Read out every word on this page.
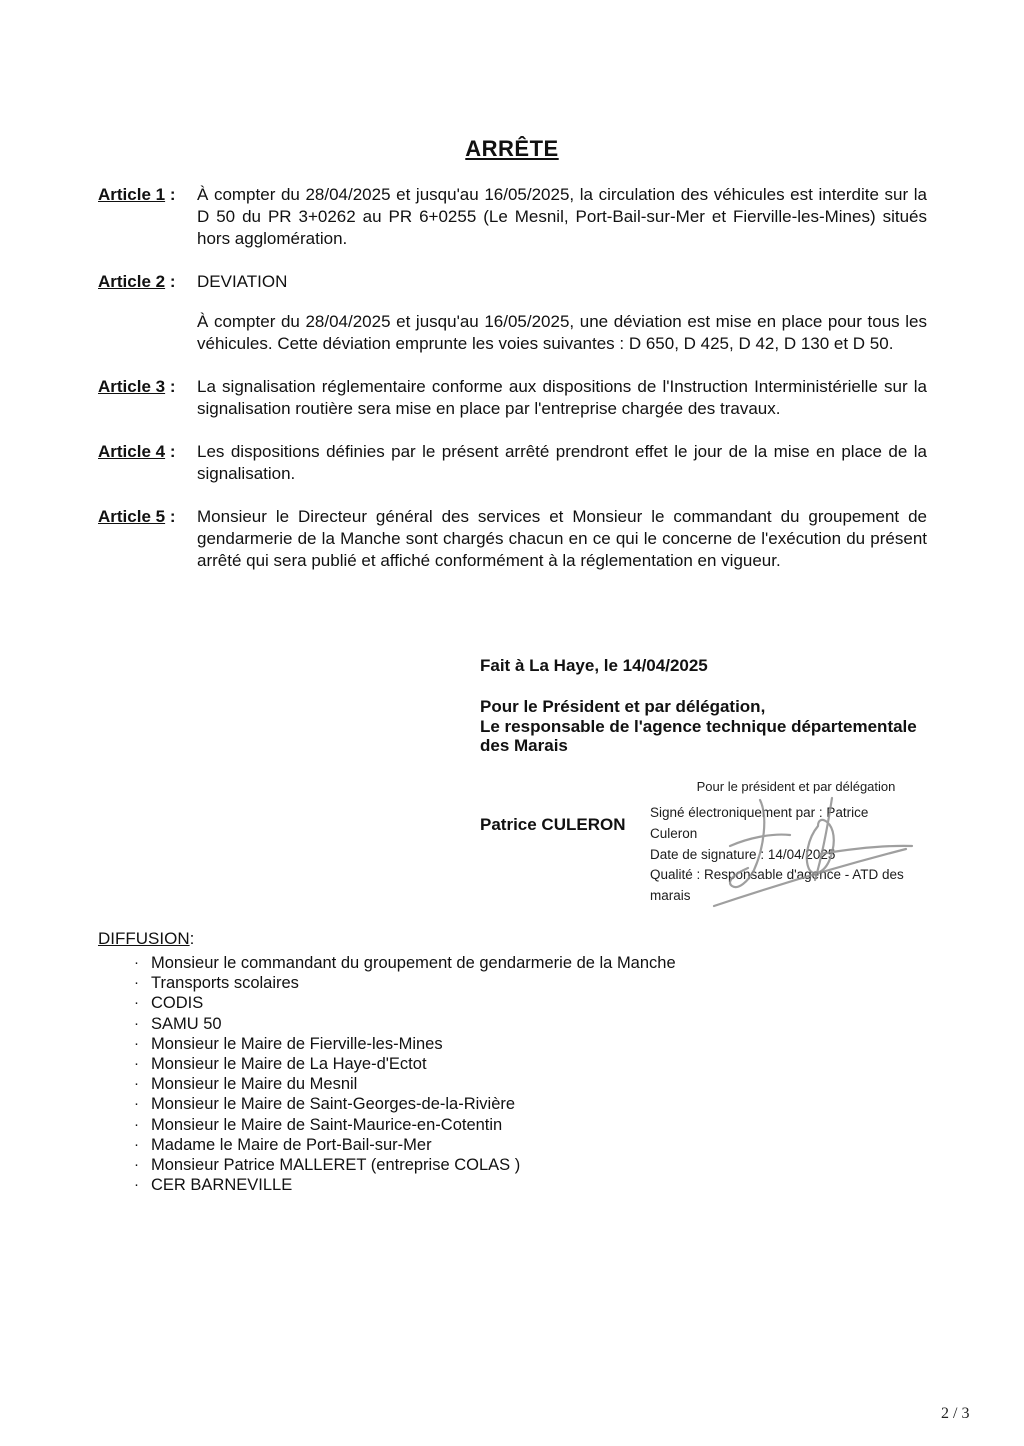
ARRÊTE
Article 1 :	À compter du 28/04/2025 et jusqu'au 16/05/2025, la circulation des véhicules est interdite sur la D 50 du PR 3+0262 au PR 6+0255 (Le Mesnil, Port-Bail-sur-Mer et Fierville-les-Mines) situés hors agglomération.

Article 2 :	DEVIATION

À compter du 28/04/2025 et jusqu'au 16/05/2025, une déviation est mise en place pour tous les véhicules. Cette déviation emprunte les voies suivantes : D 650, D 425, D 42, D 130 et D 50.

Article 3 :	La signalisation réglementaire conforme aux dispositions de l'Instruction Interministérielle sur la signalisation routière sera mise en place par l'entreprise chargée des travaux.

Article 4 :	Les dispositions définies par le présent arrêté prendront effet le jour de la mise en place de la signalisation.

Article 5 :	Monsieur le Directeur général des services et Monsieur le commandant du groupement de gendarmerie de la Manche sont chargés chacun en ce qui le concerne de l'exécution du présent arrêté qui sera publié et affiché conformément à la réglementation en vigueur.

Fait à La Haye, le 14/04/2025
Pour le Président et par délégation,
Le responsable de l'agence technique départementale
des Marais
Pour le président et par délégation
Signé électroniquement par : Patrice
Culeron
Date de signature : 14/04/2025
Qualité : Responsable d'agence - ATD des
marais
Patrice CULERON
DIFFUSION:
· Monsieur le commandant du groupement de gendarmerie de la Manche
· Transports scolaires
· CODIS
· SAMU 50
· Monsieur le Maire de Fierville-les-Mines
· Monsieur le Maire de La Haye-d'Ectot
· Monsieur le Maire du Mesnil
· Monsieur le Maire de Saint-Georges-de-la-Rivière
· Monsieur le Maire de Saint-Maurice-en-Cotentin
· Madame le Maire de Port-Bail-sur-Mer
· Monsieur Patrice MALLERET (entreprise COLAS )
· CER BARNEVILLE
2 / 3
